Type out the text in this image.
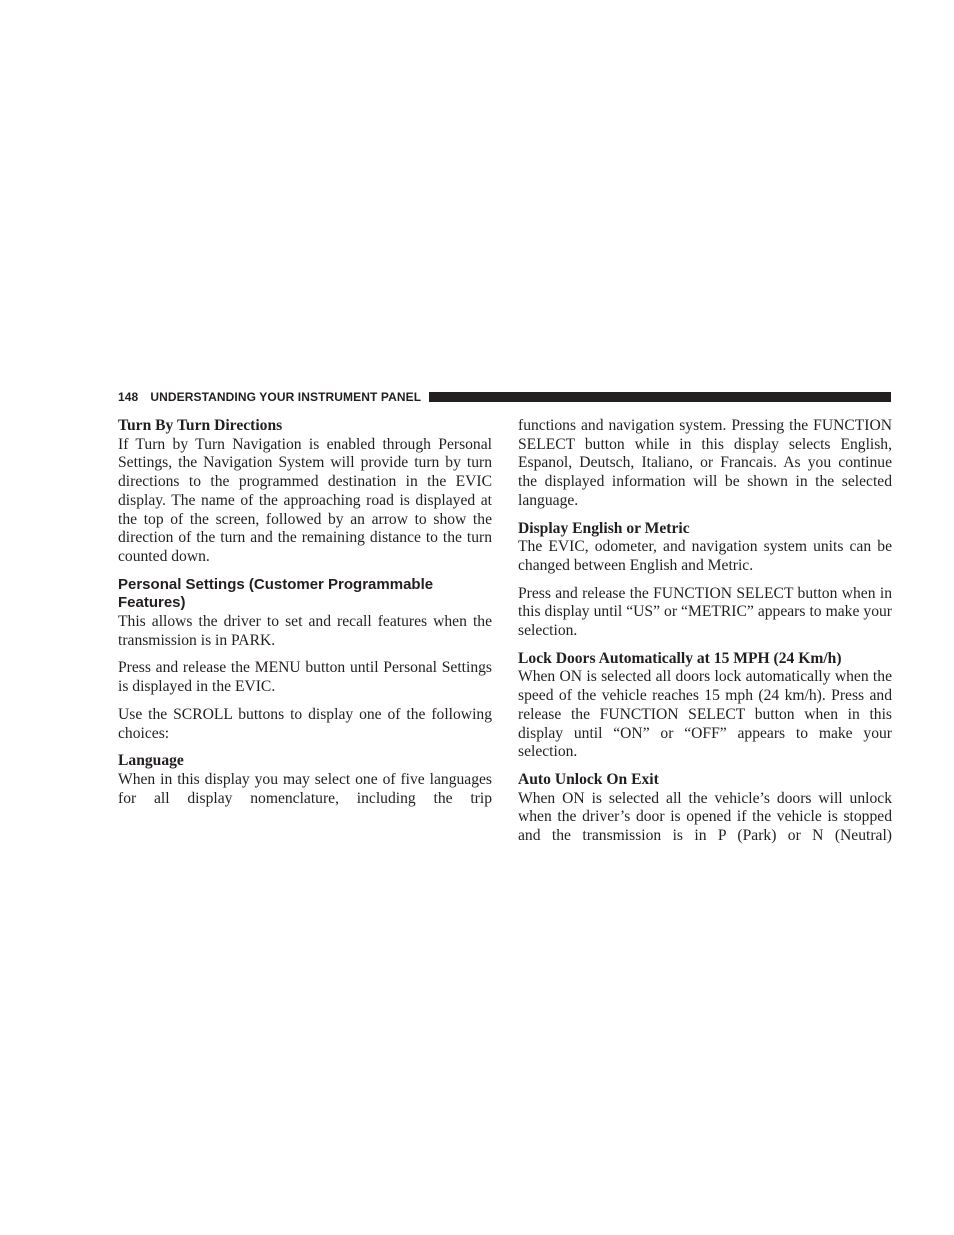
148 UNDERSTANDING YOUR INSTRUMENT PANEL

Turn By Turn Directions

If Turn by Turn Navigation is enabled through Personal Settings, the Navigation System will provide turn by turn directions to the programmed destination in the EVIC display. The name of the approaching road is displayed at the top of the screen, followed by an arrow to show the direction of the turn and the remaining distance to the turn counted down.

Personal Settings (Customer Programmable Features)

This allows the driver to set and recall features when the transmission is in PARK.

Press and release the MENU button until Personal Settings is displayed in the EVIC.

Use the SCROLL buttons to display one of the following choices:

Language

When in this display you may select one of five languages for all display nomenclature, including the trip

functions and navigation system. Pressing the FUNCTION SELECT button while in this display selects English, Espanol, Deutsch, Italiano, or Francais. As you continue the displayed information will be shown in the selected language.

Display English or Metric

The EVIC, odometer, and navigation system units can be changed between English and Metric.

Press and release the FUNCTION SELECT button when in this display until “US” or “METRIC” appears to make your selection.

Lock Doors Automatically at 15 MPH (24 Km/h)

When ON is selected all doors lock automatically when the speed of the vehicle reaches 15 mph (24 km/h). Press and release the FUNCTION SELECT button when in this display until “ON” or “OFF” appears to make your selection.

Auto Unlock On Exit

When ON is selected all the vehicle’s doors will unlock when the driver’s door is opened if the vehicle is stopped and the transmission is in P (Park) or N (Neutral)
